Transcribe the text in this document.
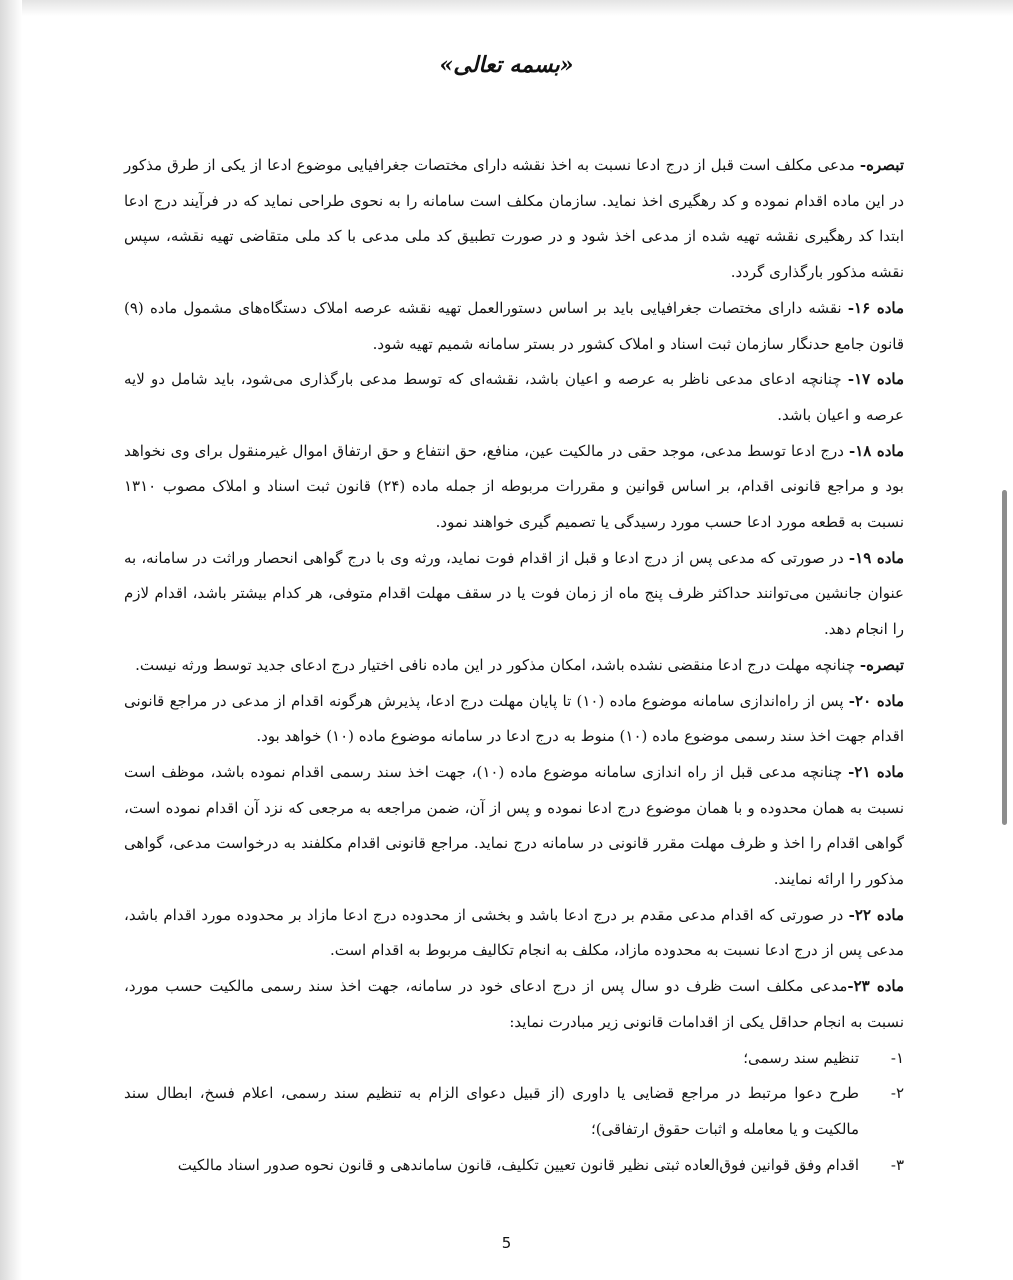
«بسمه تعالی»

تبصره- مدعی مکلف است قبل از درج ادعا نسبت به اخذ نقشه دارای مختصات جغرافیایی موضوع ادعا از یکی از طرق مذکور در این ماده اقدام نموده و کد رهگیری اخذ نماید. سازمان مکلف است سامانه را به نحوی طراحی نماید که در فرآیند درج ادعا ابتدا کد رهگیری نقشه تهیه شده از مدعی اخذ شود و در صورت تطبیق کد ملی مدعی با کد ملی متقاضی تهیه نقشه، سپس نقشه مذکور بارگذاری گردد.

ماده ۱۶- نقشه دارای مختصات جغرافیایی باید بر اساس دستورالعمل تهیه نقشه عرصه املاک دستگاه‌های مشمول ماده (۹) قانون جامع حدنگار سازمان ثبت اسناد و املاک کشور در بستر سامانه شمیم تهیه شود.

ماده ۱۷- چنانچه ادعای مدعی ناظر به عرصه و اعیان باشد، نقشه‌ای که توسط مدعی بارگذاری می‌شود، باید شامل دو لایه عرصه و اعیان باشد.

ماده ۱۸- درج ادعا توسط مدعی، موجد حقی در مالکیت عین، منافع، حق انتفاع و حق ارتفاق اموال غیرمنقول برای وی نخواهد بود و مراجع قانونی اقدام، بر اساس قوانین و مقررات مربوطه از جمله ماده (۲۴) قانون ثبت اسناد و املاک مصوب ۱۳۱۰ نسبت به قطعه مورد ادعا حسب مورد رسیدگی یا تصمیم گیری خواهند نمود.

ماده ۱۹- در صورتی که مدعی پس از درج ادعا و قبل از اقدام فوت نماید، ورثه وی با درج گواهی انحصار وراثت در سامانه، به عنوان جانشین می‌توانند حداکثر ظرف پنج ماه از زمان فوت یا در سقف مهلت اقدام متوفی، هر کدام بیشتر باشد، اقدام لازم را انجام دهد.

تبصره- چنانچه مهلت درج ادعا منقضی نشده باشد، امکان مذکور در این ماده نافی اختیار درج ادعای جدید توسط ورثه نیست.

ماده ۲۰- پس از راه‌اندازی سامانه موضوع ماده (۱۰) تا پایان مهلت درج ادعا، پذیرش هرگونه اقدام از مدعی در مراجع قانونی اقدام جهت اخذ سند رسمی موضوع ماده (۱۰) منوط به درج ادعا در سامانه موضوع ماده (۱۰) خواهد بود.

ماده ۲۱- چنانچه مدعی قبل از راه اندازی سامانه موضوع ماده (۱۰)، جهت اخذ سند رسمی اقدام نموده باشد، موظف است نسبت به همان محدوده و با همان موضوع درج ادعا نموده و پس از آن، ضمن مراجعه به مرجعی که نزد آن اقدام نموده است، گواهی اقدام را اخذ و ظرف مهلت مقرر قانونی در سامانه درج نماید. مراجع قانونی اقدام مکلفند به درخواست مدعی، گواهی مذکور را ارائه نمایند.

ماده ۲۲- در صورتی که اقدام مدعی مقدم بر درج ادعا باشد و بخشی از محدوده درج ادعا مازاد بر محدوده مورد اقدام باشد، مدعی پس از درج ادعا نسبت به محدوده مازاد، مکلف به انجام تکالیف مربوط به اقدام است.

ماده ۲۳-مدعی مکلف است ظرف دو سال پس از درج ادعای خود در سامانه، جهت اخذ سند رسمی مالکیت حسب مورد، نسبت به انجام حداقل یکی از اقدامات قانونی زیر مبادرت نماید:

۱-
تنظیم سند رسمی؛
۲-
طرح دعوا مرتبط در مراجع قضایی یا داوری (از قبیل دعوای الزام به تنظیم سند رسمی، اعلام فسخ، ابطال سند مالکیت و یا معامله و اثبات حقوق ارتفاقی)؛
۳-
اقدام وفق قوانین فوق‌العاده ثبتی نظیر قانون تعیین تکلیف، قانون ساماندهی و قانون نحوه صدور اسناد مالکیت
5
